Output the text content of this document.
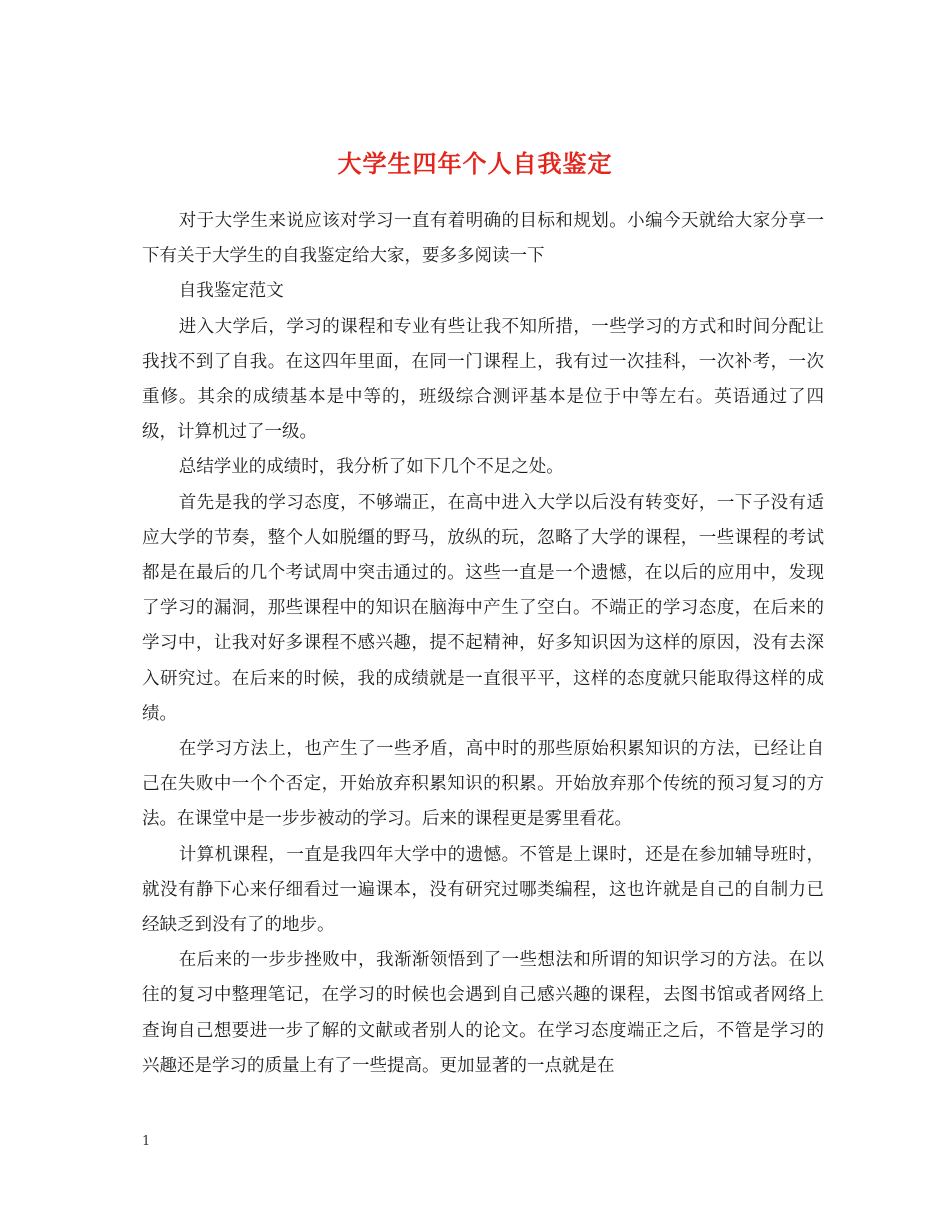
大学生四年个人自我鉴定

对于大学生来说应该对学习一直有着明确的目标和规划。小编今天就给大家分享一下有关于大学生的自我鉴定给大家，要多多阅读一下

自我鉴定范文

进入大学后，学习的课程和专业有些让我不知所措，一些学习的方式和时间分配让我找不到了自我。在这四年里面，在同一门课程上，我有过一次挂科，一次补考，一次重修。其余的成绩基本是中等的，班级综合测评基本是位于中等左右。英语通过了四级，计算机过了一级。

总结学业的成绩时，我分析了如下几个不足之处。

首先是我的学习态度，不够端正，在高中进入大学以后没有转变好，一下子没有适应大学的节奏，整个人如脱缰的野马，放纵的玩，忽略了大学的课程，一些课程的考试都是在最后的几个考试周中突击通过的。这些一直是一个遗憾，在以后的应用中，发现了学习的漏洞，那些课程中的知识在脑海中产生了空白。不端正的学习态度，在后来的学习中，让我对好多课程不感兴趣，提不起精神，好多知识因为这样的原因，没有去深入研究过。在后来的时候，我的成绩就是一直很平平，这样的态度就只能取得这样的成绩。

在学习方法上，也产生了一些矛盾，高中时的那些原始积累知识的方法，已经让自己在失败中一个个否定，开始放弃积累知识的积累。开始放弃那个传统的预习复习的方法。在课堂中是一步步被动的学习。后来的课程更是雾里看花。

计算机课程，一直是我四年大学中的遗憾。不管是上课时，还是在参加辅导班时，就没有静下心来仔细看过一遍课本，没有研究过哪类编程，这也许就是自己的自制力已经缺乏到没有了的地步。

在后来的一步步挫败中，我渐渐领悟到了一些想法和所谓的知识学习的方法。在以往的复习中整理笔记，在学习的时候也会遇到自己感兴趣的课程，去图书馆或者网络上查询自己想要进一步了解的文献或者别人的论文。在学习态度端正之后，不管是学习的兴趣还是学习的质量上有了一些提高。更加显著的一点就是在

1
